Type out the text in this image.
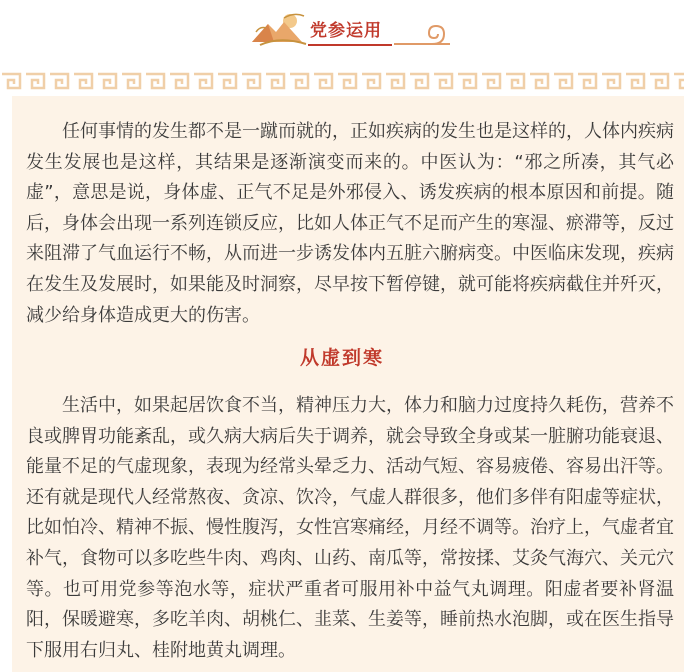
党参运用

任何事情的发生都不是一蹴而就的，正如疾病的发生也是这样的，人体内疾病发生发展也是这样，其结果是逐渐演变而来的。中医认为：“邪之所凑，其气必虚”，意思是说，身体虚、正气不足是外邪侵入、诱发疾病的根本原因和前提。随后，身体会出现一系列连锁反应，比如人体正气不足而产生的寒湿、瘀滞等，反过来阻滞了气血运行不畅，从而进一步诱发体内五脏六腑病变。中医临床发现，疾病在发生及发展时，如果能及时洞察，尽早按下暂停键，就可能将疾病截住并歼灭，减少给身体造成更大的伤害。

从虚到寒

生活中，如果起居饮食不当，精神压力大，体力和脑力过度持久耗伤，营养不良或脾胃功能紊乱，或久病大病后失于调养，就会导致全身或某一脏腑功能衰退、能量不足的气虚现象，表现为经常头晕乏力、活动气短、容易疲倦、容易出汗等。还有就是现代人经常熬夜、贪凉、饮冷，气虚人群很多，他们多伴有阳虚等症状，比如怕冷、精神不振、慢性腹泻，女性宫寒痛经，月经不调等。治疗上，气虚者宜补气，食物可以多吃些牛肉、鸡肉、山药、南瓜等，常按揉、艾灸气海穴、关元穴等。也可用党参等泡水等，症状严重者可服用补中益气丸调理。阳虚者要补肾温阳，保暖避寒，多吃羊肉、胡桃仁、韭菜、生姜等，睡前热水泡脚，或在医生指导下服用右归丸、桂附地黄丸调理。
